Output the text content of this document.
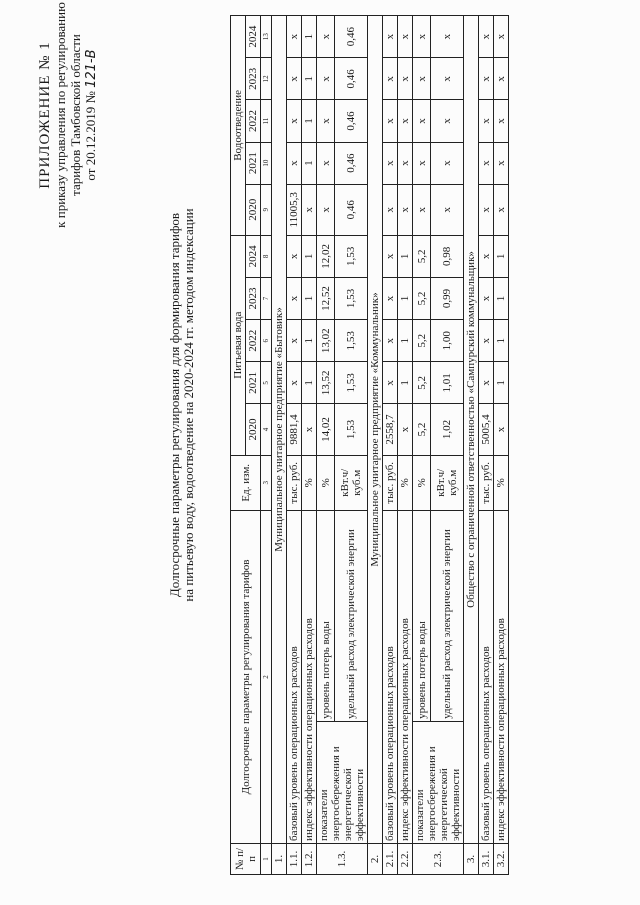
ПРИЛОЖЕНИЕ № 1 к приказу управления по регулированию тарифов Тамбовской области от 20.12.2019 № 121-В
Долгосрочные параметры регулирования для формирования тарифов на питьевую воду, водоотведение на 2020-2024 гг. методом индексации
№ п/п	Долгосрочные параметры регулирования тарифов		Ед. изм.	Питьевая вода					Водоотведение				
				2020	2021	2022	2023	2024	2020	2021	2022	2023	2024
1	2		3	4	5	6	7	8	9	10	11	12	13
1.	Муниципальное унитарное предприятие «Бытовик»												
1.1.	базовый уровень операционных расходов		тыс. руб.	9881,4	x	x	x	x	11005,3	x	x	x	x
1.2.	индекс эффективности операционных расходов		%	x	1	1	1	1	x	1	1	1	1
1.3.	показатели энергосбережения и энергетической эффективности	уровень потерь воды	%	14,02	13,52	13,02	12,52	12,02	x	x	x	x	x
		удельный расход электрической энергии	кВт.ч/куб.м	1,53	1,53	1,53	1,53	1,53	0,46	0,46	0,46	0,46	0,46
2.	Муниципальное унитарное предприятие «Коммунальник»												
2.1.	базовый уровень операционных расходов		тыс. руб.	2558,7	x	x	x	x	x	x	x	x	x
2.2.	индекс эффективности операционных расходов		%	x	1	1	1	1	x	x	x	x	x
2.3.	показатели энергосбережения и энергетической эффективности	уровень потерь воды	%	5,2	5,2	5,2	5,2	5,2	x	x	x	x	x
		удельный расход электрической энергии	кВт.ч/куб.м	1,02	1,01	1,00	0,99	0,98	x	x	x	x	x
3.	Общество с ограниченной ответственностью «Сампурский коммунальщик»												
3.1.	базовый уровень операционных расходов		тыс. руб.	5005,4	x	x	x	x	x	x	x	x	x
3.2.	индекс эффективности операционных расходов		%	x	1	1	1	1	x	x	x	x	x
